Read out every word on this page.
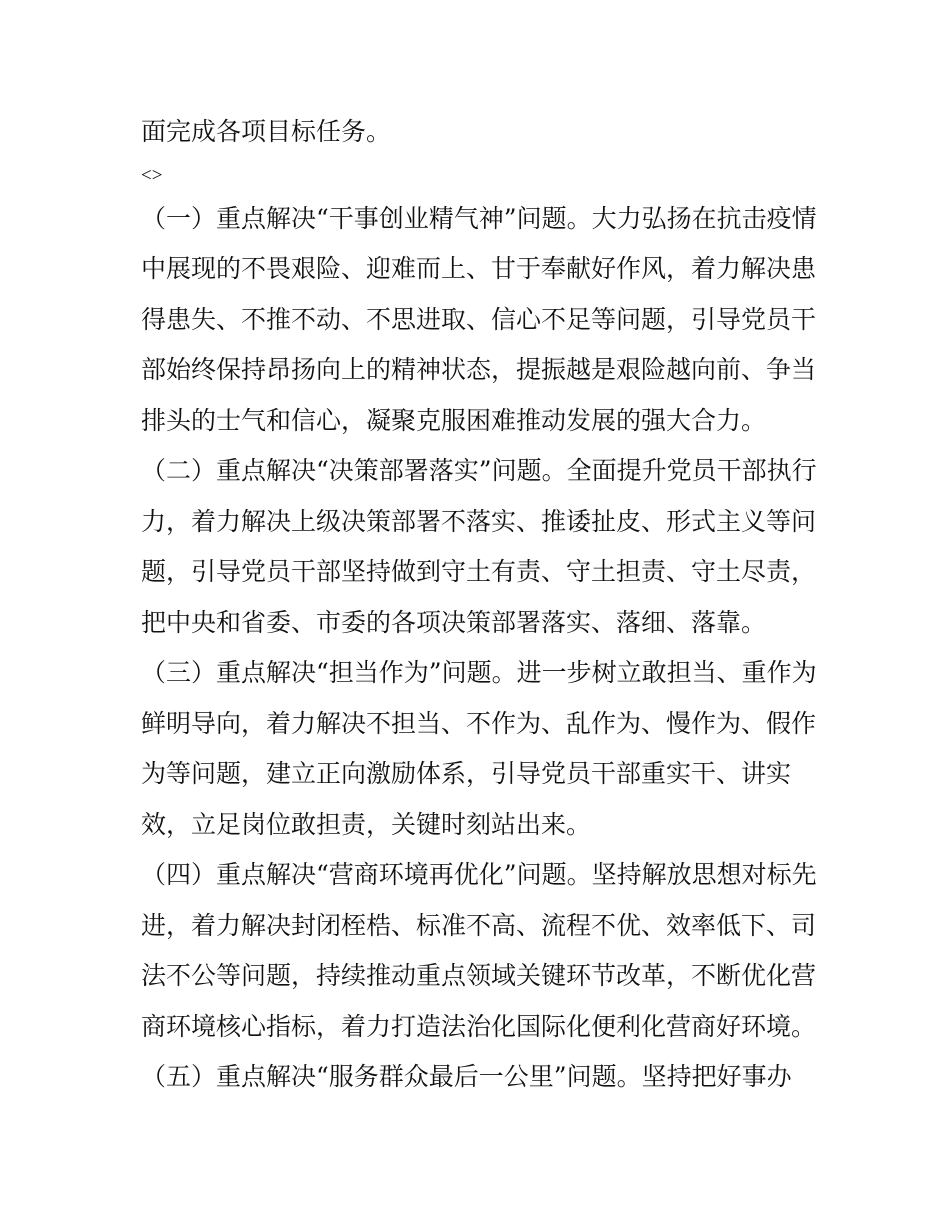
面完成各项目标任务。
<>
（一）重点解决“干事创业精气神”问题。大力弘扬在抗击疫情
中展现的不畏艰险、迎难而上、甘于奉献好作风，着力解决患
得患失、不推不动、不思进取、信心不足等问题，引导党员干
部始终保持昂扬向上的精神状态，提振越是艰险越向前、争当
排头的士气和信心，凝聚克服困难推动发展的强大合力。
（二）重点解决“决策部署落实”问题。全面提升党员干部执行
力，着力解决上级决策部署不落实、推诿扯皮、形式主义等问
题，引导党员干部坚持做到守土有责、守土担责、守土尽责，
把中央和省委、市委的各项决策部署落实、落细、落靠。
（三）重点解决“担当作为”问题。进一步树立敢担当、重作为
鲜明导向，着力解决不担当、不作为、乱作为、慢作为、假作
为等问题，建立正向激励体系，引导党员干部重实干、讲实
效，立足岗位敢担责，关键时刻站出来。
（四）重点解决“营商环境再优化”问题。坚持解放思想对标先
进，着力解决封闭桎梏、标准不高、流程不优、效率低下、司
法不公等问题，持续推动重点领域关键环节改革，不断优化营
商环境核心指标，着力打造法治化国际化便利化营商好环境。
（五）重点解决“服务群众最后一公里”问题。坚持把好事办
